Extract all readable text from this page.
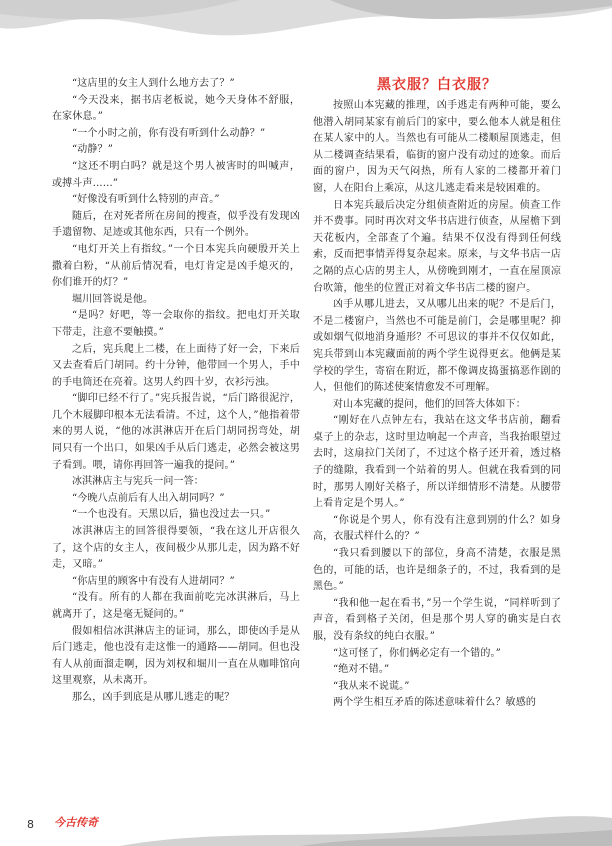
“这店里的女主人到什么地方去了？”

“今天没来，据书店老板说，她今天身体不舒服，在家休息。”

“一个小时之前，你有没有听到什么动静？”

“动静？”

“这还不明白吗？就是这个男人被害时的叫喊声，或搏斗声……”

“好像没有听到什么特别的声音。”

随后，在对死者所在房间的搜查，似乎没有发现凶手遗留物、足迹或其他东西，只有一个例外。

“电灯开关上有指纹。”一个日本宪兵向硬殷开关上撒着白粉，“从前后情况看，电灯肯定是凶手熄灭的，你们谁开的灯？”

堀川回答说是他。

“是吗？好吧，等一会取你的指纹。把电灯开关取下带走，注意不要触摸。”

之后，宪兵爬上二楼，在上面待了好一会，下来后又去查看后门胡同。约十分钟，他带回一个男人，手中的手电筒还在亮着。这男人约四十岁，衣衫污浊。

“脚印已经不行了。”宪兵报告说，“后门路很泥泞，几个木屐脚印根本无法看清。不过，这个人，”他指着带来的男人说，“他的冰淇淋店开在后门胡同拐弯处，胡同只有一个出口，如果凶手从后门逃走，必然会被这男子看到。喂，请你再回答一遍我的提问。”

冰淇淋店主与宪兵一问一答：

“今晚八点前后有人出入胡同吗？”

“一个也没有。天黑以后，猫也没过去一只。”

冰淇淋店主的回答很得要领，“我在这儿开店很久了，这个店的女主人，夜间极少从那儿走，因为路不好走，又暗。”

“你店里的顾客中有没有人进胡同？”

“没有。所有的人都在我面前吃完冰淇淋后，马上就离开了，这是毫无疑问的。”

假如相信冰淇淋店主的证词，那么，即使凶手是从后门逃走，他也没有走这惟一的通路——胡同。但也没有人从前面溜走啊，因为刘权和堀川一直在从咖啡馆向这里观察，从未离开。

那么，凶手到底是从哪儿逃走的呢？

黑衣服？白衣服？

按照山本宪藏的推理，凶手逃走有两种可能，要么他潜入胡同某家有前后门的家中，要么他本人就是租住在某人家中的人。当然也有可能从二楼顺屋顶逃走，但从二楼调查结果看，临街的窗户没有动过的迹象。而后面的窗户，因为天气闷热，所有人家的二楼都开着门窗，人在阳台上乘凉，从这儿逃走看来是较困难的。

日本宪兵最后决定分组侦查附近的房屋。侦查工作并不费事。同时再次对文华书店进行侦查，从屋檐下到天花板内，全部查了个遍。结果不仅没有得到任何线索，反而把事情弄得复杂起来。原来，与文华书店一店之隔的点心店的男主人，从傍晚到刚才，一直在屋顶凉台吹箫，他坐的位置正对着文华书店二楼的窗户。

凶手从哪儿进去，又从哪儿出来的呢？不是后门，不是二楼窗户，当然也不可能是前门，会是哪里呢？抑或如烟气似地消身遁形？不可思议的事并不仅仅如此，宪兵带到山本宪藏面前的两个学生说得更玄。他俩是某学校的学生，寄宿在附近，都不像调皮捣蛋搞恶作剧的人，但他们的陈述使案情愈发不可理解。

对山本宪藏的提问，他们的回答大体如下：

“刚好在八点钟左右，我站在这文华书店前，翻看桌子上的杂志，这时里边响起一个声音，当我抬眼望过去时，这扇拉门关闭了，不过这个格子还开着，透过格子的缝隙，我看到一个站着的男人。但就在我看到的同时，那男人刚好关格子，所以详细情形不清楚。从腰带上看肯定是个男人。”

“你说是个男人，你有没有注意到别的什么？如身高，衣服式样什么的？”

“我只看到腰以下的部位，身高不清楚，衣服是黑色的，可能的话，也许是细条子的，不过，我看到的是黑色。”

“我和他一起在看书，”另一个学生说，“同样听到了声音，看到格子关闭，但是那个男人穿的确实是白衣服，没有条纹的纯白衣服。”

“这可怪了，你们俩必定有一个错的。”

“绝对不错。”

“我从来不说谎。”

两个学生相互矛盾的陈述意味着什么？敏感的

8 今古传奇
